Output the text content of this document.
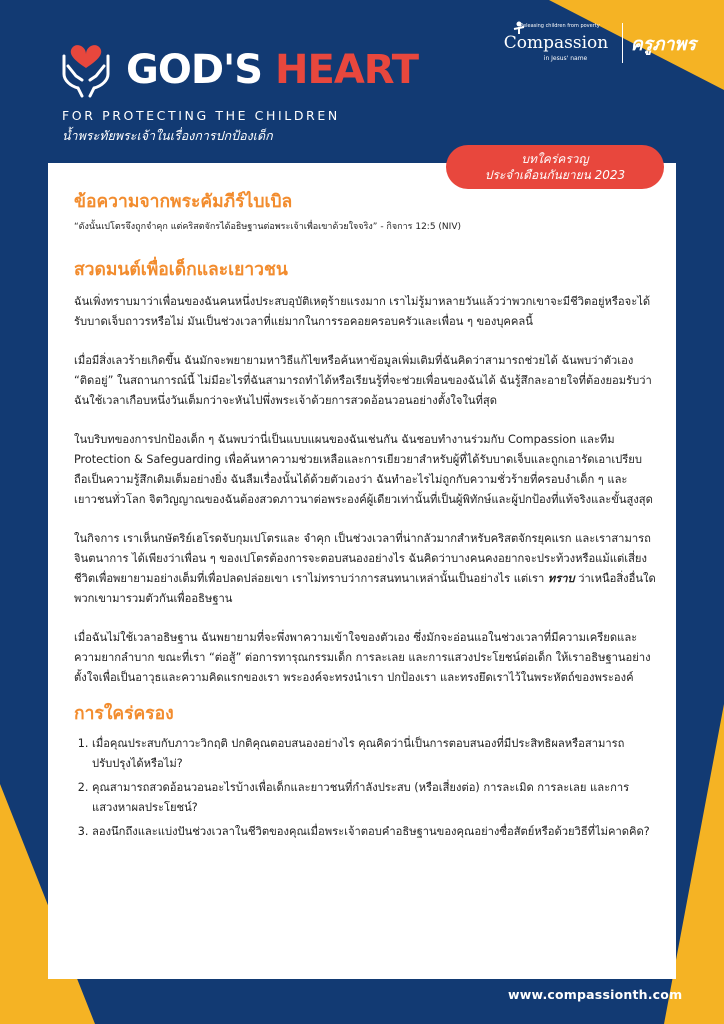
GOD'S HEART
FOR PROTECTING THE CHILDREN
น้ำพระทัยพระเจ้าในเรื่องการปกป้องเด็ก
Releasing children from poverty
Compassion
in Jesus' name
ครูภาพร
บทใคร่ครวญ
ประจำเดือนกันยายน 2023
ข้อความจากพระคัมภีร์ไบเบิล
“ดังนั้นเปโตรจึงถูกจำคุก แต่คริสตจักรได้อธิษฐานต่อพระเจ้าเพื่อเขาด้วยใจจริง” - กิจการ 12:5 (NIV)
สวดมนต์เพื่อเด็กและเยาวชน

ฉันเพิ่งทราบมาว่าเพื่อนของฉันคนหนึ่งประสบอุบัติเหตุร้ายแรงมาก เราไม่รู้มาหลายวันแล้วว่าพวกเขาจะมีชีวิตอยู่หรือจะได้รับบาดเจ็บถาวรหรือไม่ มันเป็นช่วงเวลาที่แย่มากในการรอคอยครอบครัวและเพื่อน ๆ ของบุคคลนี้

เมื่อมีสิ่งเลวร้ายเกิดขึ้น ฉันมักจะพยายามหาวิธีแก้ไขหรือค้นหาข้อมูลเพิ่มเติมที่ฉันคิดว่าสามารถช่วยได้ ฉันพบว่าตัวเอง “ติดอยู่” ในสถานการณ์นี้ ไม่มีอะไรที่ฉันสามารถทำได้หรือเรียนรู้ที่จะช่วยเพื่อนของฉันได้ ฉันรู้สึกละอายใจที่ต้องยอมรับว่าฉันใช้เวลาเกือบหนึ่งวันเต็มกว่าจะหันไปพึ่งพระเจ้าด้วยการสวดอ้อนวอนอย่างตั้งใจในที่สุด

ในบริบทของการปกป้องเด็ก ๆ ฉันพบว่านี่เป็นแบบแผนของฉันเช่นกัน ฉันชอบทำงานร่วมกับ Compassion และทีม Protection & Safeguarding เพื่อค้นหาความช่วยเหลือและการเยียวยาสำหรับผู้ที่ได้รับบาดเจ็บและถูกเอารัดเอาเปรียบ ถือเป็นความรู้สึกเติมเต็มอย่างยิ่ง ฉันลืมเรื่องนั้นได้ด้วยตัวเองว่า ฉันทำอะไรไม่ถูกกับความชั่วร้ายที่ครอบงำเด็ก ๆ และเยาวชนทั่วโลก จิตวิญญาณของฉันต้องสวดภาวนาต่อพระองค์ผู้เดียวเท่านั้นที่เป็นผู้พิทักษ์และผู้ปกป้องที่แท้จริงและขั้นสูงสุด

ในกิจการ เราเห็นกษัตริย์เฮโรดจับกุมเปโตรและ จำคุก เป็นช่วงเวลาที่น่ากลัวมากสำหรับคริสตจักรยุคแรก และเราสามารถจินตนาการ ได้เพียงว่าเพื่อน ๆ ของเปโตรต้องการจะตอบสนองอย่างไร ฉันคิดว่าบางคนคงอยากจะประท้วงหรือแม้แต่เสี่ยงชีวิตเพื่อพยายามอย่างเต็มที่เพื่อปลดปล่อยเขา เราไม่ทราบว่าการสนทนาเหล่านั้นเป็นอย่างไร แต่เรา ทราบ ว่าเหนือสิ่งอื่นใดพวกเขามารวมตัวกันเพื่ออธิษฐาน

เมื่อฉันไม่ใช้เวลาอธิษฐาน ฉันพยายามที่จะพึ่งพาความเข้าใจของตัวเอง ซึ่งมักจะอ่อนแอในช่วงเวลาที่มีความเครียดและความยากลำบาก ขณะที่เรา “ต่อสู้” ต่อการทารุณกรรมเด็ก การละเลย และการแสวงประโยชน์ต่อเด็ก ให้เราอธิษฐานอย่างตั้งใจเพื่อเป็นอาวุธและความคิดแรกของเรา พระองค์จะทรงนำเรา ปกป้องเรา และทรงยึดเราไว้ในพระหัตถ์ของพระองค์

การใคร่ครอง
1. เมื่อคุณประสบกับภาวะวิกฤติ ปกติคุณตอบสนองอย่างไร คุณคิดว่านี่เป็นการตอบสนองที่มีประสิทธิผลหรือสามารถปรับปรุงได้หรือไม่?
2. คุณสามารถสวดอ้อนวอนอะไรบ้างเพื่อเด็กและยาวชนที่กำลังประสบ (หรือเสี่ยงต่อ) การละเมิด การละเลย และการแสวงหาผลประโยชน์?
3. ลองนึกถึงและแบ่งปันช่วงเวลาในชีวิตของคุณเมื่อพระเจ้าตอบคำอธิษฐานของคุณอย่างซื่อสัตย์หรือด้วยวิธีที่ไม่คาดคิด?
www.compassionth.com
